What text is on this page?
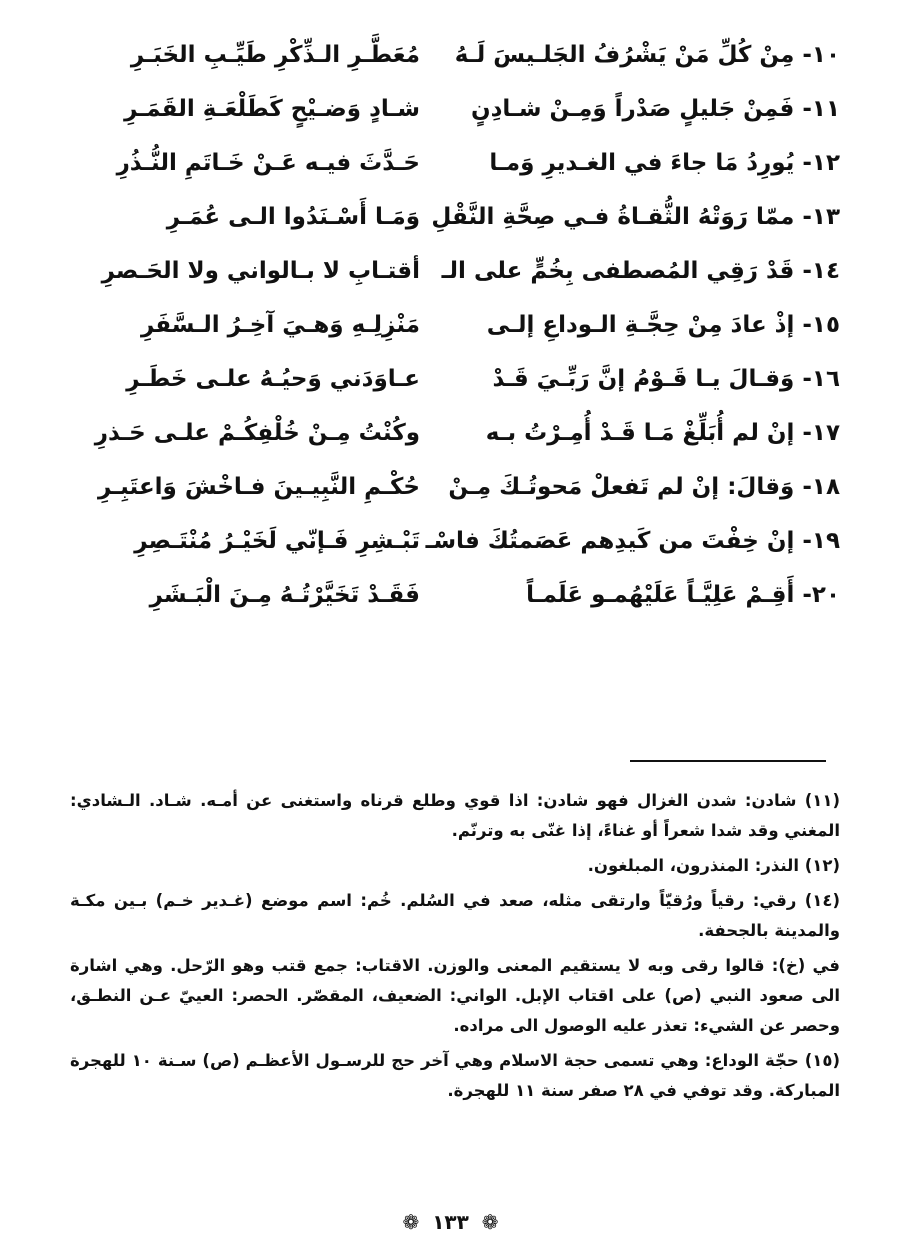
١٠- مِنْ كُلِّ مَنْ يَشْرُفُ الجَلـيسَ لَـهُ
مُعَطَّـرِ الـذِّكْرِ طَيِّـبِ الخَبَـرِ
١١- فَمِنْ جَليلٍ صَدْراً وَمِـنْ شـادِنٍ
شـادٍ وَضـيْحٍ كَطَلْعَـةِ القَمَـرِ
١٢- يُورِدُ مَا جاءَ في الغـديرِ وَمـا
حَـدَّثَ فيـه عَـنْ خَـاتَمِ النُّـذُرِ
١٣- ممّا رَوَتْهُ الثُّقـاةُ فـي صِحَّةِ النَّقْلِ
وَمَـا أَسْـنَدُوا الـى عُمَـرِ
١٤- قَدْ رَقِي المُصطفى بِخُمٍّ على الـ
أقتـابِ لا بـالواني ولا الحَـصرِ
١٥- إذْ عادَ مِنْ حِجَّـةِ الـوداعِ إلـى
مَنْزِلِـهِ وَهـيَ آخِـرُ الـسَّفَرِ
١٦- وَقـالَ يـا قَـوْمُ إنَّ رَبِّـيَ قَـدْ
عـاوَدَني وَحيُـهُ علـى خَطَـرِ
١٧- إنْ لم أُبَلِّغْ مَـا قَـدْ أُمِـرْتُ بـه
وكُنْتُ مِـنْ خُلْفِكُـمْ علـى حَـذرِ
١٨- وَقالَ: إنْ لم تَفعلْ مَحوتُـكَ مِـنْ
حُكْـمِ النَّبِيـينَ فـاخْشَ وَاعتَبِـرِ
١٩- إنْ خِفْتَ من كَيدِهم عَصَمتُكَ فاسْـ
تَبْـشِرِ فَـإنّي لَخَيْـرُ مُنْتَـصِرِ
٢٠- أَقِـمْ عَلِيَّـاً عَلَيْهُمـو عَلَمـاً
فَقَـدْ تَخَيَّرْتُـهُ مِـنَ الْبَـشَرِ

(١١) شادن: شدن الغزال فهو شادن: اذا قوي وطلع قرناه واستغنى عن أمـه. شـاد. الـشادي: المغني وقد شدا شعراً أو غناءً، إذا غنّى به وترنّم.

(١٢) النذر: المنذرون، المبلغون.

(١٤) رقي: رقياً ورُقيّاً وارتقى مثله، صعد في السُلم. خُم: اسم موضع (غـدير خـم) بـين مكـة والمدينة بالجحفة.

في (خ): قالوا رقى وبه لا يستقيم المعنى والوزن. الاقتاب: جمع قتب وهو الرّحل. وهي اشارة الى صعود النبي (ص) على اقتاب الإبل. الواني: الضعيف، المقصّر. الحصر: العييّ عـن النطـق، وحصر عن الشيء: تعذر عليه الوصول الى مراده.

(١٥) حجّة الوداع: وهي تسمى حجة الاسلام وهي آخر حج للرسـول الأعظـم (ص) سـنة ١٠ للهجرة المباركة. وقد توفي في ٢٨ صفر سنة ١١ للهجرة.

❁ ١٣٣ ❁
